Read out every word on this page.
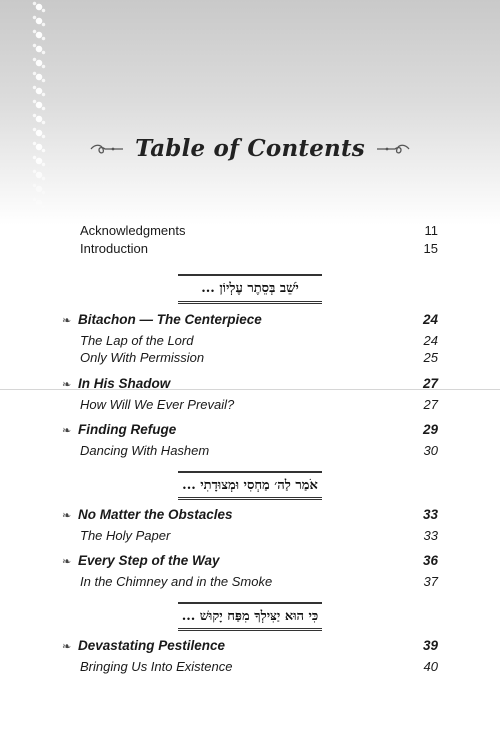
Table of Contents
Acknowledgments	11
Introduction	15
יֹשֵׁב בְּסֵתֶר עֶלְיוֹן ...
❧ Bitachon — The Centerpiece	24
The Lap of the Lord	24
Only With Permission	25
❧ In His Shadow	27
How Will We Ever Prevail?	27
❧ Finding Refuge	29
Dancing With Hashem	30
אֹמַר לַה׳ מַחְסִי וּמְצוּדָתִי ...
❧ No Matter the Obstacles	33
The Holy Paper	33
❧ Every Step of the Way	36
In the Chimney and in the Smoke	37
כִּי הוּא יַצִּילְךָ מִפַּח יָקוּשׁ ...
❧ Devastating Pestilence	39
Bringing Us Into Existence	40
